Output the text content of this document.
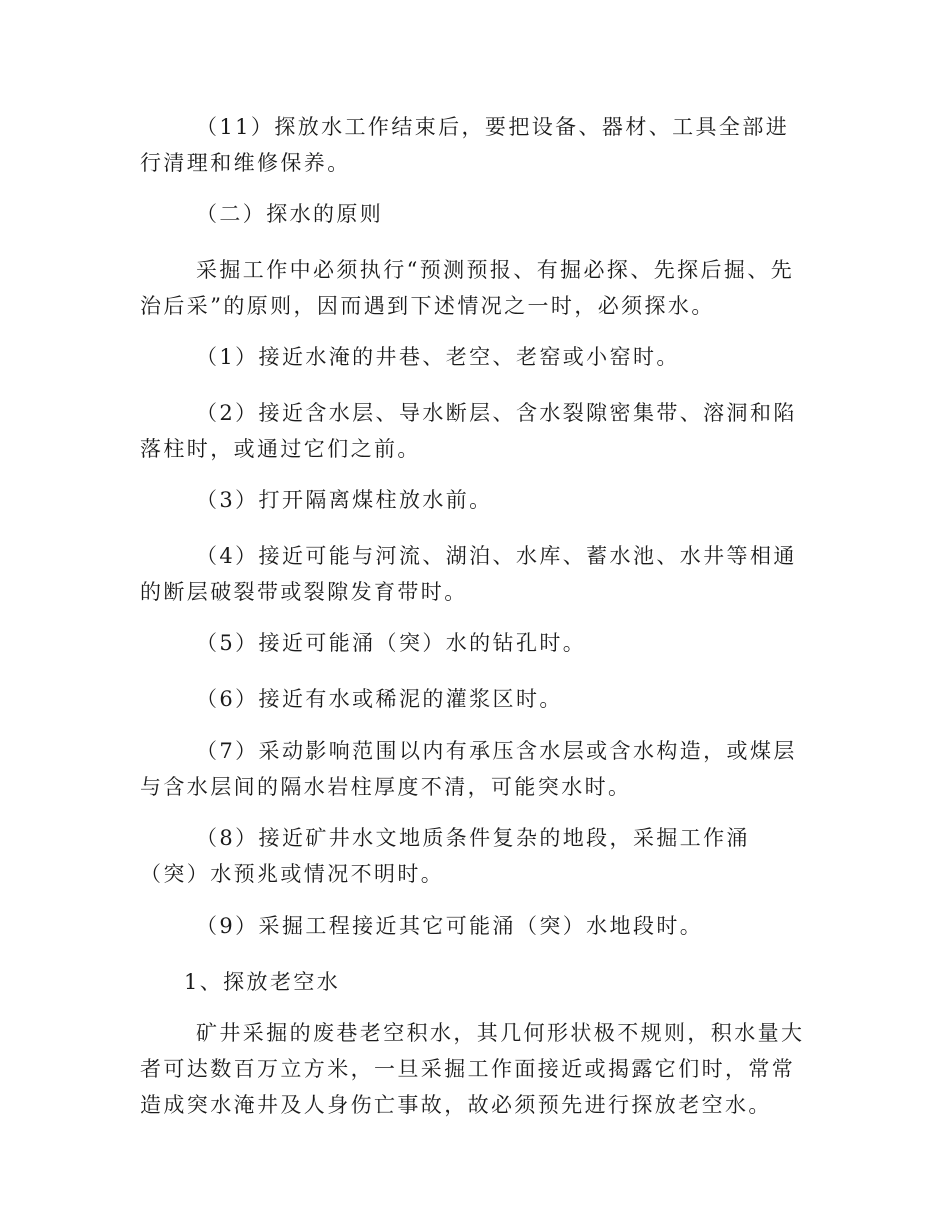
（11）探放水工作结束后，要把设备、器材、工具全部进行清理和维修保养。

（二）探水的原则

采掘工作中必须执行“预测预报、有掘必探、先探后掘、先治后采”的原则，因而遇到下述情况之一时，必须探水。

（1）接近水淹的井巷、老空、老窑或小窑时。

（2）接近含水层、导水断层、含水裂隙密集带、溶洞和陷落柱时，或通过它们之前。

（3）打开隔离煤柱放水前。

（4）接近可能与河流、湖泊、水库、蓄水池、水井等相通的断层破裂带或裂隙发育带时。

（5）接近可能涌（突）水的钻孔时。

（6）接近有水或稀泥的灌浆区时。

（7）采动影响范围以内有承压含水层或含水构造，或煤层与含水层间的隔水岩柱厚度不清，可能突水时。

（8）接近矿井水文地质条件复杂的地段，采掘工作涌（突）水预兆或情况不明时。

（9）采掘工程接近其它可能涌（突）水地段时。

1、探放老空水

矿井采掘的废巷老空积水，其几何形状极不规则，积水量大者可达数百万立方米，一旦采掘工作面接近或揭露它们时，常常造成突水淹井及人身伤亡事故，故必须预先进行探放老空水。
